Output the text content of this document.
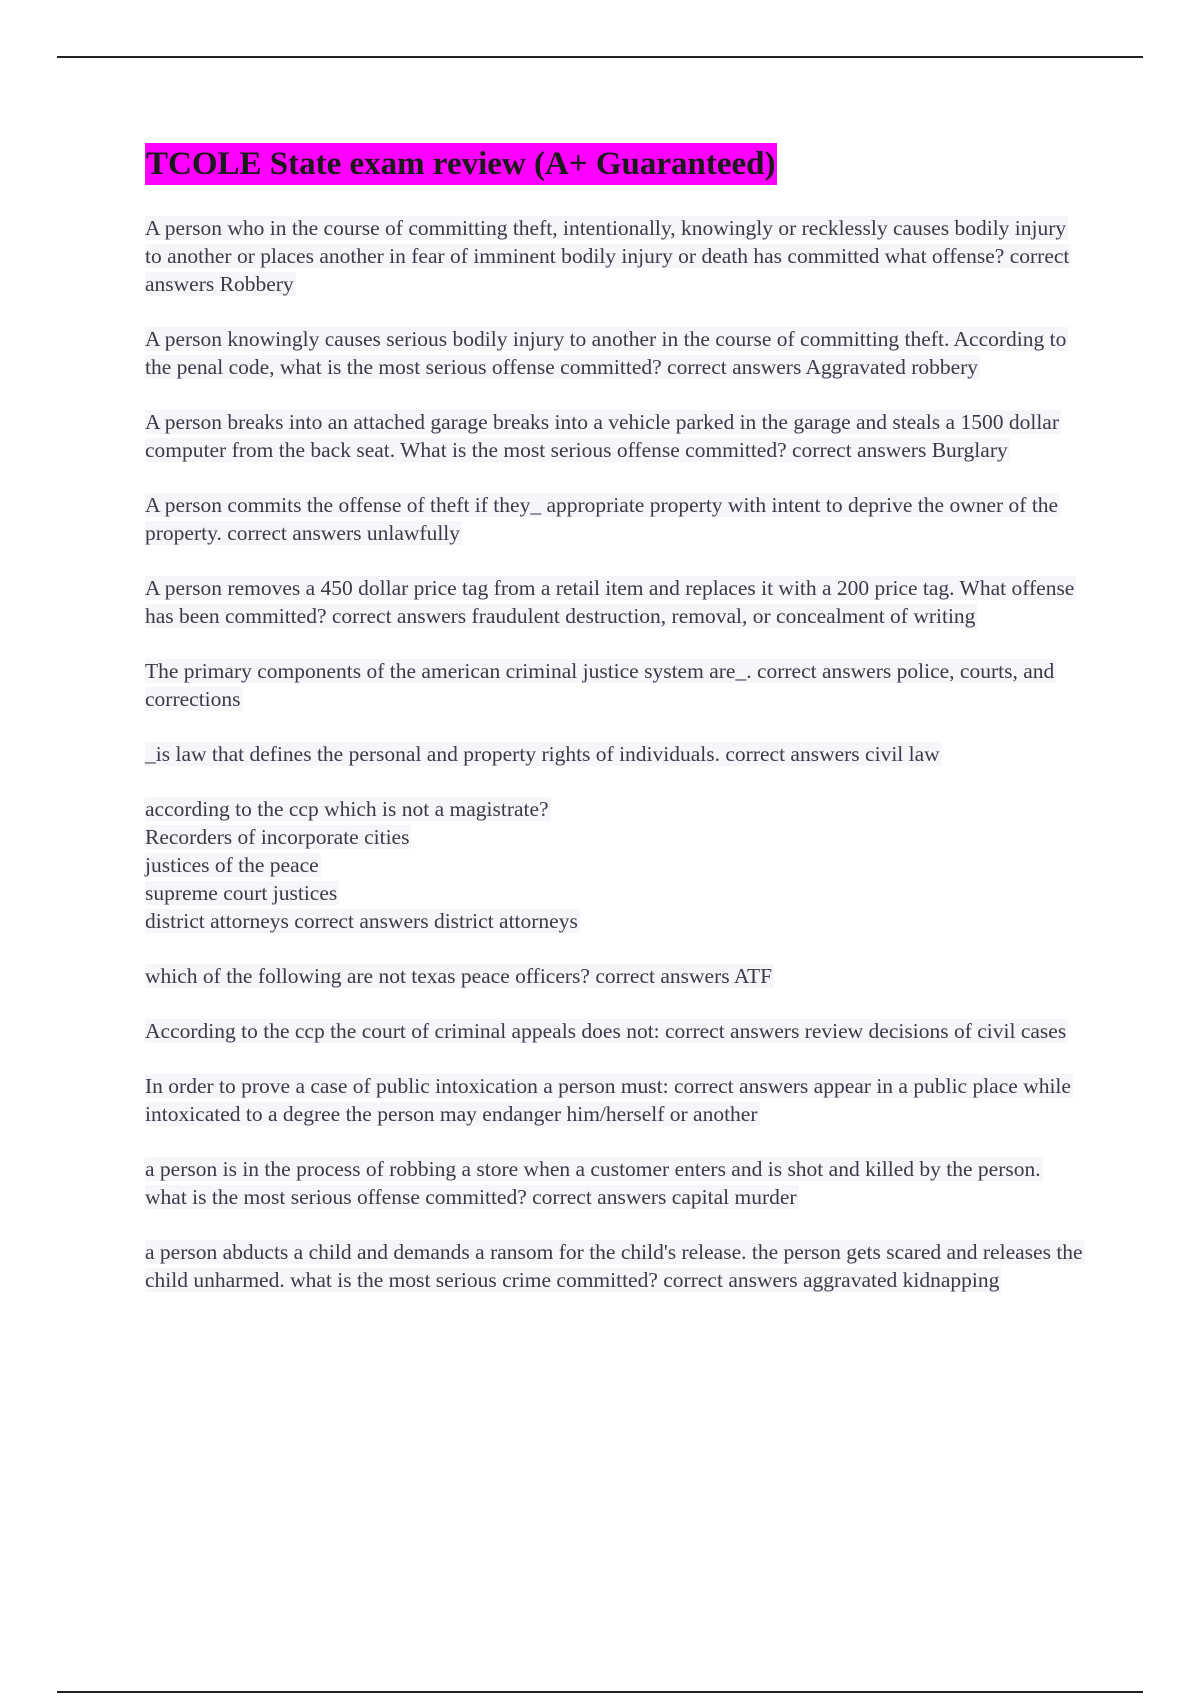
TCOLE State exam review (A+ Guaranteed)

A person who in the course of committing theft, intentionally, knowingly or recklessly causes bodily injury to another or places another in fear of imminent bodily injury or death has committed what offense? correct answers Robbery

A person knowingly causes serious bodily injury to another in the course of committing theft. According to the penal code, what is the most serious offense committed? correct answers Aggravated robbery

A person breaks into an attached garage breaks into a vehicle parked in the garage and steals a 1500 dollar computer from the back seat. What is the most serious offense committed? correct answers Burglary

A person commits the offense of theft if they_ appropriate property with intent to deprive the owner of the property. correct answers unlawfully

A person removes a 450 dollar price tag from a retail item and replaces it with a 200 price tag. What offense has been committed? correct answers fraudulent destruction, removal, or concealment of writing

The primary components of the american criminal justice system are_. correct answers police, courts, and corrections

_is law that defines the personal and property rights of individuals. correct answers civil law

according to the ccp which is not a magistrate?
Recorders of incorporate cities
justices of the peace
supreme court justices
district attorneys correct answers district attorneys

which of the following are not texas peace officers? correct answers ATF

According to the ccp the court of criminal appeals does not: correct answers review decisions of civil cases

In order to prove a case of public intoxication a person must: correct answers appear in a public place while intoxicated to a degree the person may endanger him/herself or another

a person is in the process of robbing a store when a customer enters and is shot and killed by the person. what is the most serious offense committed? correct answers capital murder

a person abducts a child and demands a ransom for the child's release. the person gets scared and releases the child unharmed. what is the most serious crime committed? correct answers aggravated kidnapping
